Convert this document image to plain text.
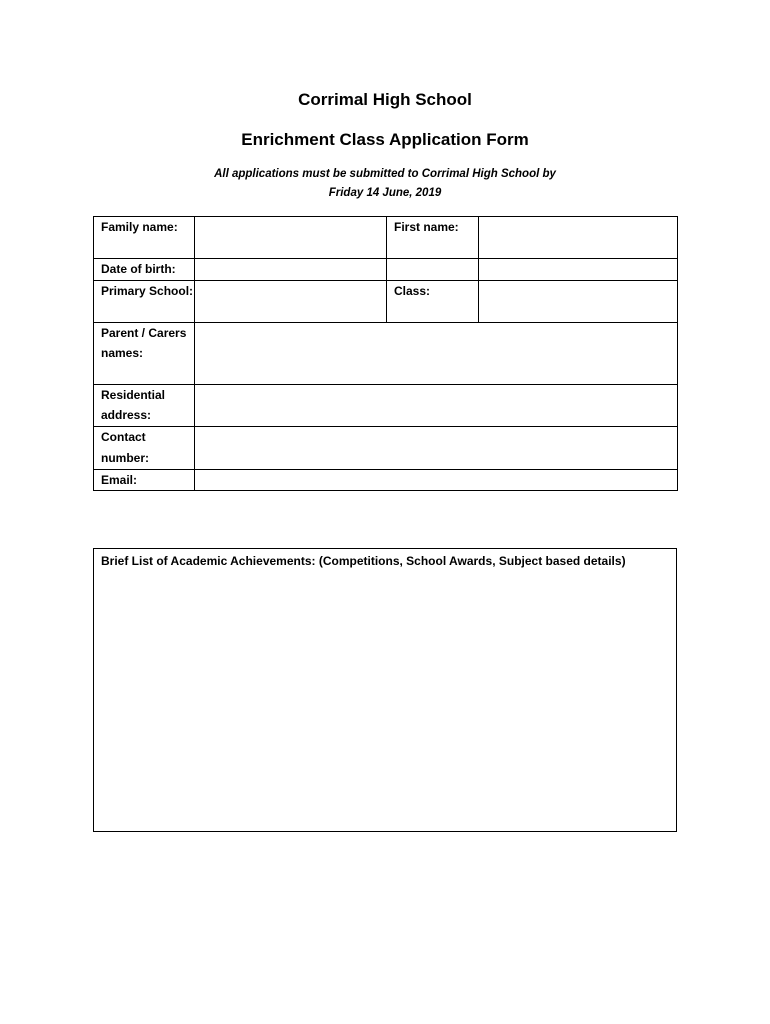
Corrimal High School
Enrichment Class Application Form
All applications must be submitted to Corrimal High School by
Friday 14 June, 2019
Family name:		First name:	
Date of birth:			
Primary School:		Class:	
Parent / Carers names:			
Residential address:			
Contact number:			
Email:			
Brief List of Academic Achievements: (Competitions, School Awards, Subject based details)
